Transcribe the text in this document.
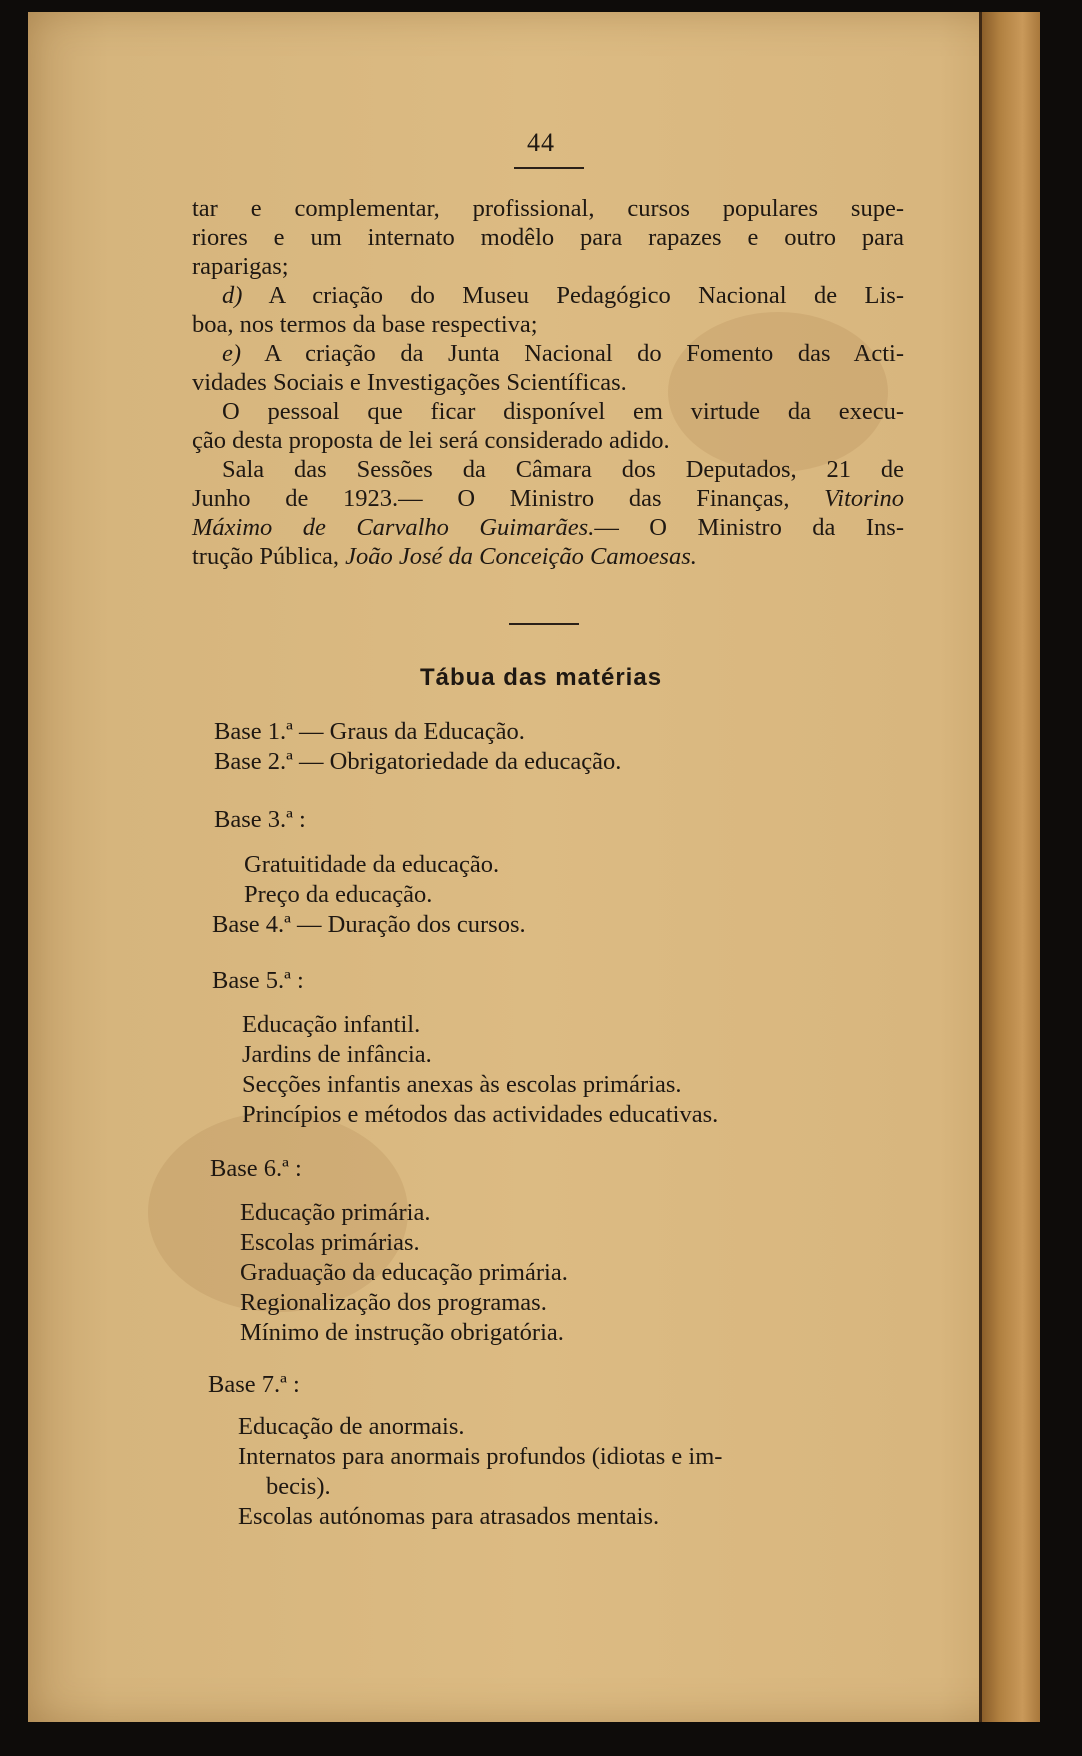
44

tar e complementar, profissional, cursos populares supe-
riores e um internato modêlo para rapazes e outro para
raparigas;

d) A criação do Museu Pedagógico Nacional de Lis-
boa, nos termos da base respectiva;

e) A criação da Junta Nacional do Fomento das Acti-
vidades Sociais e Investigações Scientíficas.

O pessoal que ficar disponível em virtude da execu-
ção desta proposta de lei será considerado adido.

Sala das Sessões da Câmara dos Deputados, 21 de
Junho de 1923.— O Ministro das Finanças, Vitorino
Máximo de Carvalho Guimarães.— O Ministro da Ins-
trução Pública, João José da Conceição Camoesas.

Tábua das matérias
Base 1.ª — Graus da Educação.
Base 2.ª — Obrigatoriedade da educação.
Base 3.ª :
Gratuitidade da educação.
Preço da educação.
Base 4.ª — Duração dos cursos.
Base 5.ª :
Educação infantil.
Jardins de infância.
Secções infantis anexas às escolas primárias.
Princípios e métodos das actividades educativas.
Base 6.ª :
Educação primária.
Escolas primárias.
Graduação da educação primária.
Regionalização dos programas.
Mínimo de instrução obrigatória.
Base 7.ª :
Educação de anormais.
Internatos para anormais profundos (idiotas e im-
becis).
Escolas autónomas para atrasados mentais.
